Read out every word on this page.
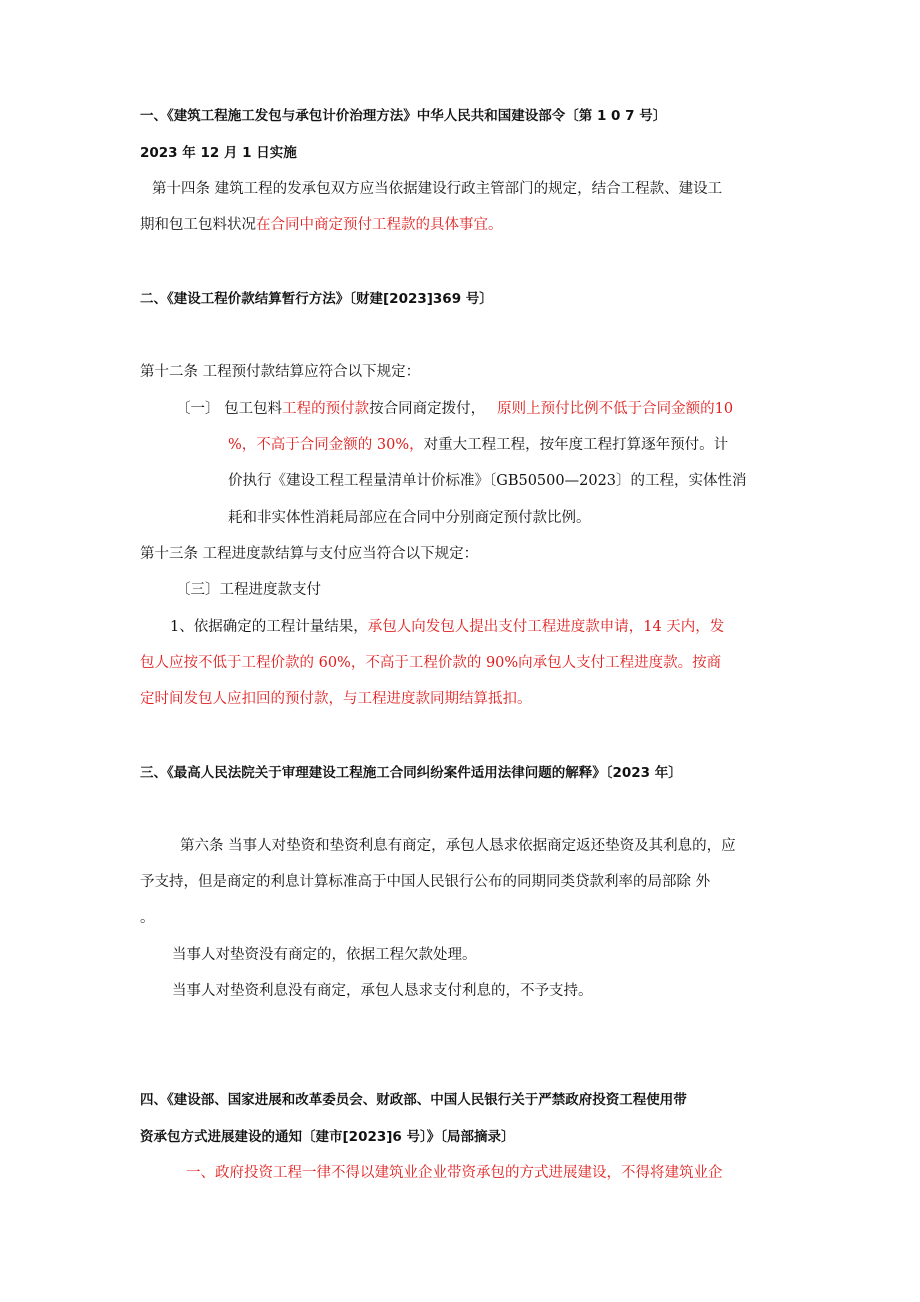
一、《建筑工程施工发包与承包计价治理方法》中华人民共和国建设部令〔第 1 0 7 号〕
2023 年 12 月 1 日实施
第十四条 建筑工程的发承包双方应当依据建设行政主管部门的规定，结合工程款、建设工
期和包工包料状况在合同中商定预付工程款的具体事宜。
二、《建设工程价款结算暂行方法》〔财建[2023]369 号〕
第十二条 工程预付款结算应符合以下规定：
〔一〕 包工包料工程的预付款按合同商定拨付， 原则上预付比例不低于合同金额的10
%，不高于合同金额的 30%，对重大工程工程，按年度工程打算逐年预付。计
价执行《建设工程工程量清单计价标准》〔GB50500—2023〕的工程，实体性消
耗和非实体性消耗局部应在合同中分别商定预付款比例。
第十三条 工程进度款结算与支付应当符合以下规定：
〔三〕工程进度款支付
1、依据确定的工程计量结果，承包人向发包人提出支付工程进度款申请，14 天内，发
包人应按不低于工程价款的 60%，不高于工程价款的 90%向承包人支付工程进度款。按商
定时间发包人应扣回的预付款，与工程进度款同期结算抵扣。
三、《最高人民法院关于审理建设工程施工合同纠纷案件适用法律问题的解释》〔2023 年〕
第六条 当事人对垫资和垫资利息有商定，承包人恳求依据商定返还垫资及其利息的，应
予支持，但是商定的利息计算标准高于中国人民银行公布的同期同类贷款利率的局部除 外
。
当事人对垫资没有商定的，依据工程欠款处理。
当事人对垫资利息没有商定，承包人恳求支付利息的，不予支持。
四、《建设部、国家进展和改革委员会、财政部、中国人民银行关于严禁政府投资工程使用带
资承包方式进展建设的通知〔建市[2023]6 号〕》〔局部摘录〕
一、政府投资工程一律不得以建筑业企业带资承包的方式进展建设，不得将建筑业企
